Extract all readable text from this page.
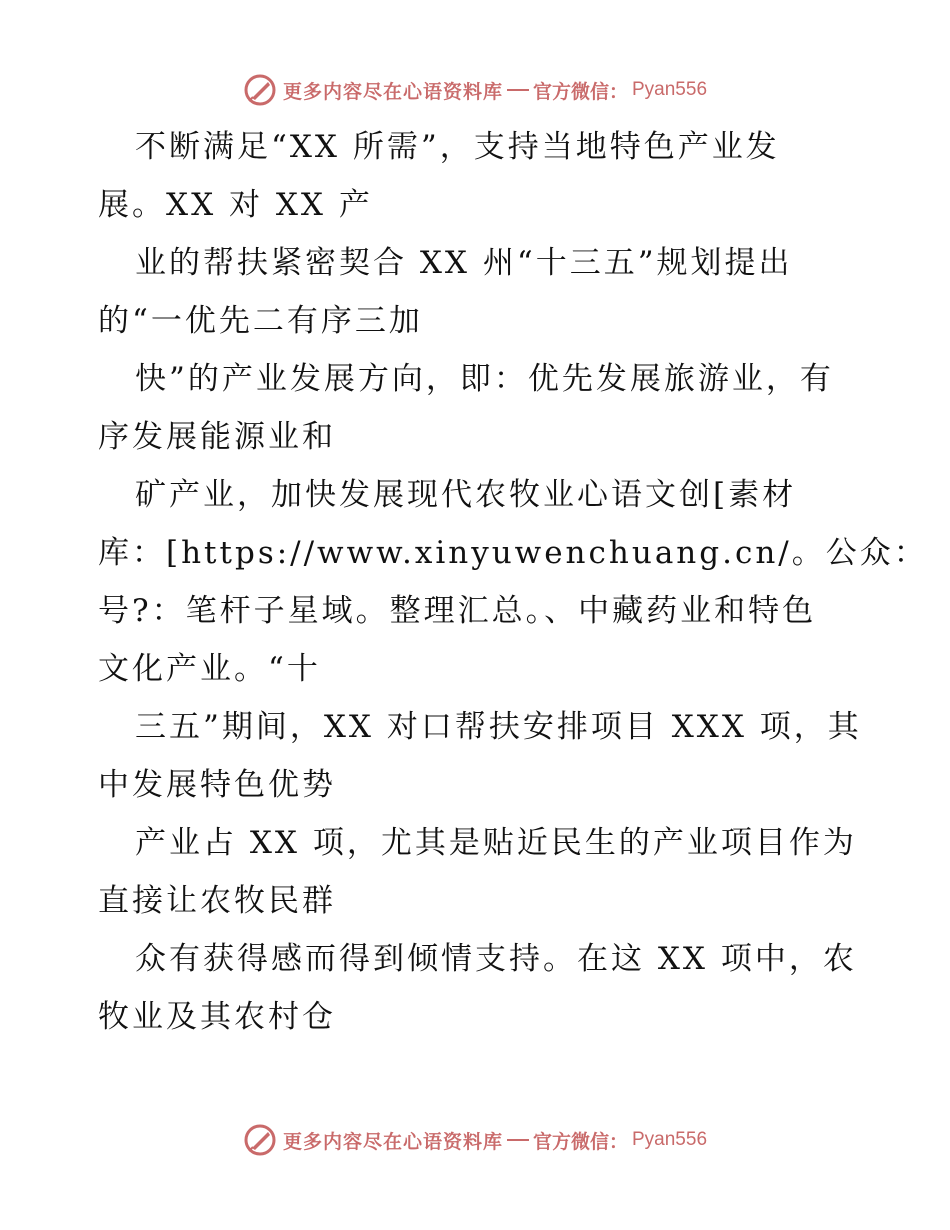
更多内容尽在心语资料库 官方微信： Pyan556
不断满足“XX 所需”，支持当地特色产业发
展。XX 对 XX 产
业的帮扶紧密契合 XX 州“十三五”规划提出
的“一优先二有序三加
快”的产业发展方向，即：优先发展旅游业，有
序发展能源业和
矿产业，加快发展现代农牧业心语文创[素材
库：[https://www.xinyuwenchuang.cn/。公众：
号?：笔杆子星域。整理汇总。、中藏药业和特色
文化产业。“十
三五”期间，XX 对口帮扶安排项目 XXX 项，其
中发展特色优势
产业占 XX 项，尤其是贴近民生的产业项目作为
直接让农牧民群
众有获得感而得到倾情支持。在这 XX 项中，农
牧业及其农村仓
更多内容尽在心语资料库 官方微信： Pyan556
